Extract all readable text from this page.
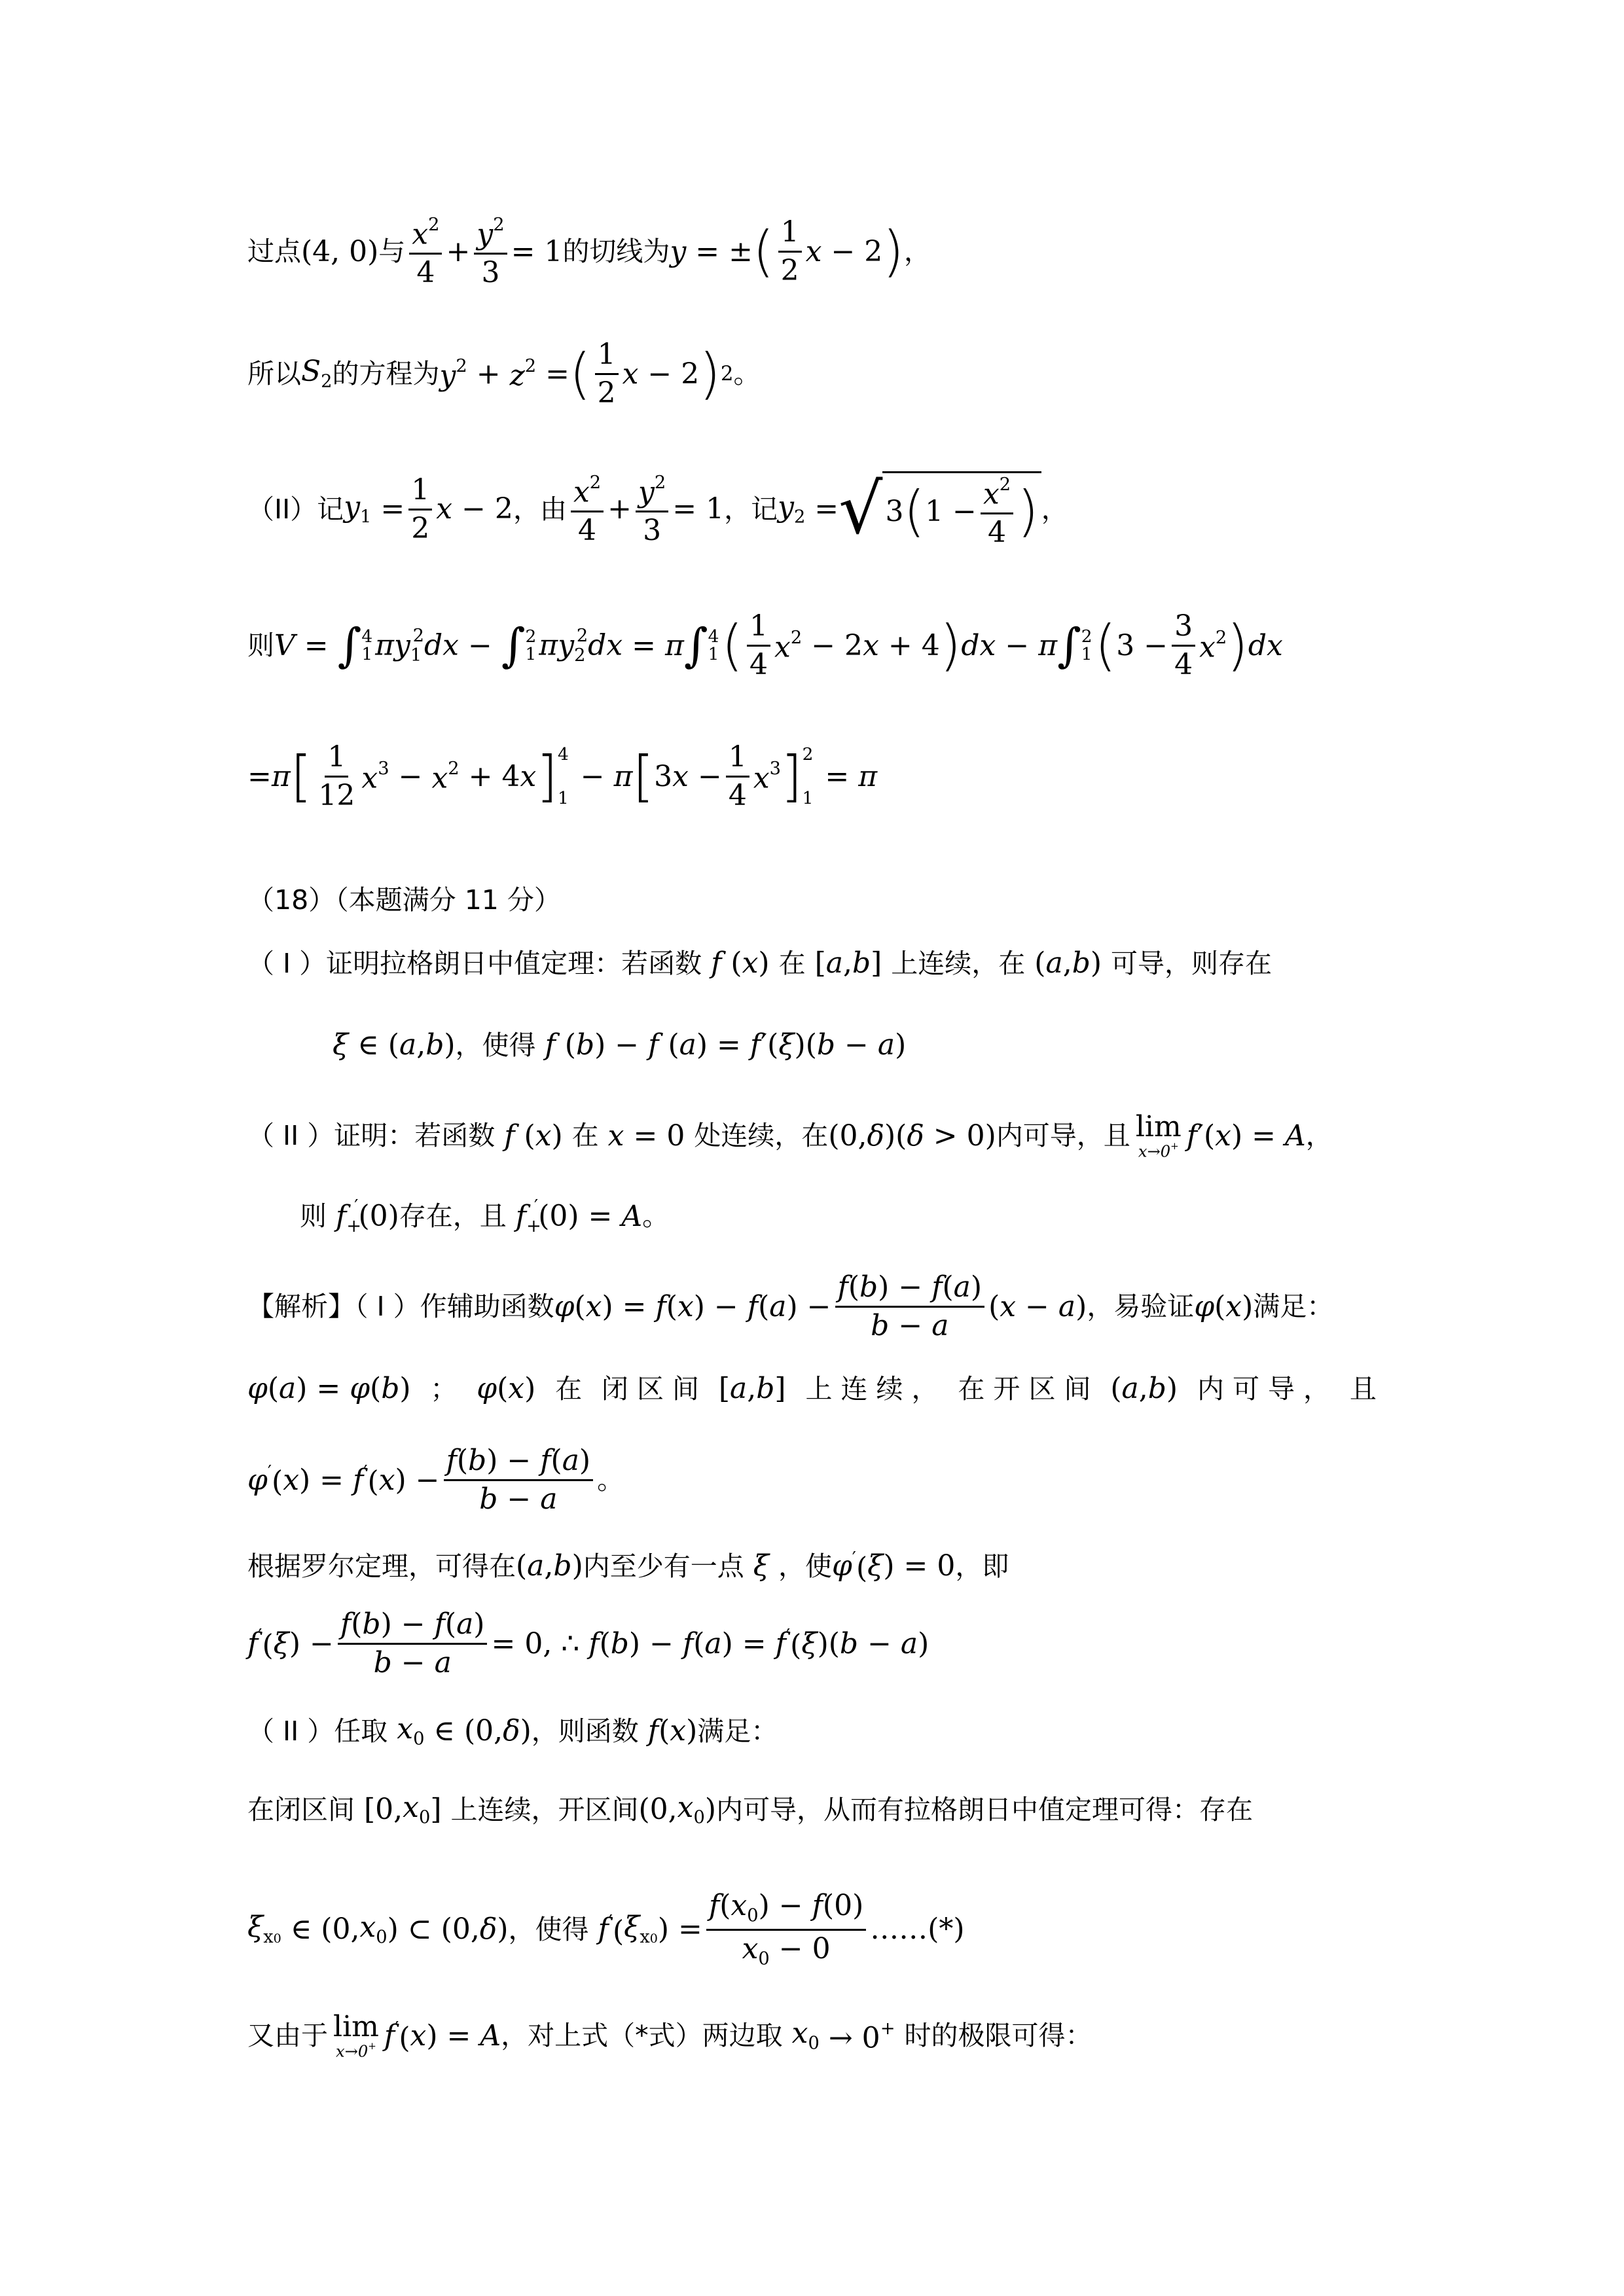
过点 (4, 0) 与 $\frac{x^2}{4} + \frac{y^2}{3} = 1$ 的切线为 y = ± ( $\frac{1}{2}$ x − 2 ) ，
所以 $S_2$ 的方程为 $y^2 + z^2$ = ( $\frac{1}{2}$ x − 2 ) 2 。
（II）记 $y_1 = \frac{1}{2}$ x − 2 ，由 $\frac{x^2}{4} + \frac{y^2}{3} = 1$ ，记 $y_2$ = √ 3 ( $1 - \frac{x^2}{4}$ ) ，
则 V = ∫ 4
1 $\pi y_1^2dx$ − ∫ 2
1 $\pi y_2^2dx = \pi$ ∫ 4
1 ( $\frac{1}{4} x^2 - 2$ x + 4 ) dx − π ∫ 2
1 ( $3 - \frac{3}{4} x^2$ ) dx
= π [ $\frac{1}{12} x^3 - x^2 + 4$ x ] 4
1
− π [ 3 $x - \frac{1}{4} x^3$ ] 2
1
= π
（18）（本题满分 11 分）
（ I ）证明拉格朗日中值定理：若函数 f ( x ) 在 [ a , b ] 上连续，在 ( a , b ) 可导，则存在
ξ ∈ ( a , b ) ，使得 f ( b ) − f ( a ) = f ′( ξ )( b − a )
（ II ）证明：若函数 f ( x ) 在 x = 0 处连续，在 (0, δ )( δ > 0) 内可导，且 lim
x→0+ f ′( x ) = A ，
则 f $_+$′(0) 存在，且 f $_+$′(0) = A 。
【解析】（ I ）作辅助函数 φ ( x ) = f ( x ) − f ( a ) − $\frac{f(b) - f(a)}{b - a}$ ( x − a ) ，易验证 φ ( x ) 满足：
φ(a) = φ(b) ； φ(x) 在 闭 区 间 [a,b] 上 连 续 ， 在 开 区 间 (a,b) 内 可 导 ， 且
φ ′( x ) = f ′( x ) − $\frac{f(b) - f(a)}{b - a}$ 。
根据罗尔定理，可得在 ( a , b ) 内至少有一点 ξ ，使 φ ′( ξ ) = 0 ，即
f ′( ξ ) − $\frac{f(b) - f(a)}{b - a} = 0$, ∴ f ( b ) − f ( a ) = f ′( ξ )( b − a )
（ II ）任取 $x_0$ ∈ (0, δ ) ，则函数 f ( x ) 满足：
在闭区间 [0, $x_0$ ] 上连续，开区间 (0, $x_0$ ) 内可导，从而有拉格朗日中值定理可得：存在
$\xi_{x0}$ ∈ (0, $x_0$ ) ⊂ (0, δ ) ，使得 f ′( $\xi_{x0}$ ) = $\frac{f(x_0) - f(0)}{x_0 - 0}$ ……(*)
又由于 lim
x→0+ f ′( x ) = A ，对上式（*式）两边取 $x_0 \to 0^+$ 时的极限可得：
